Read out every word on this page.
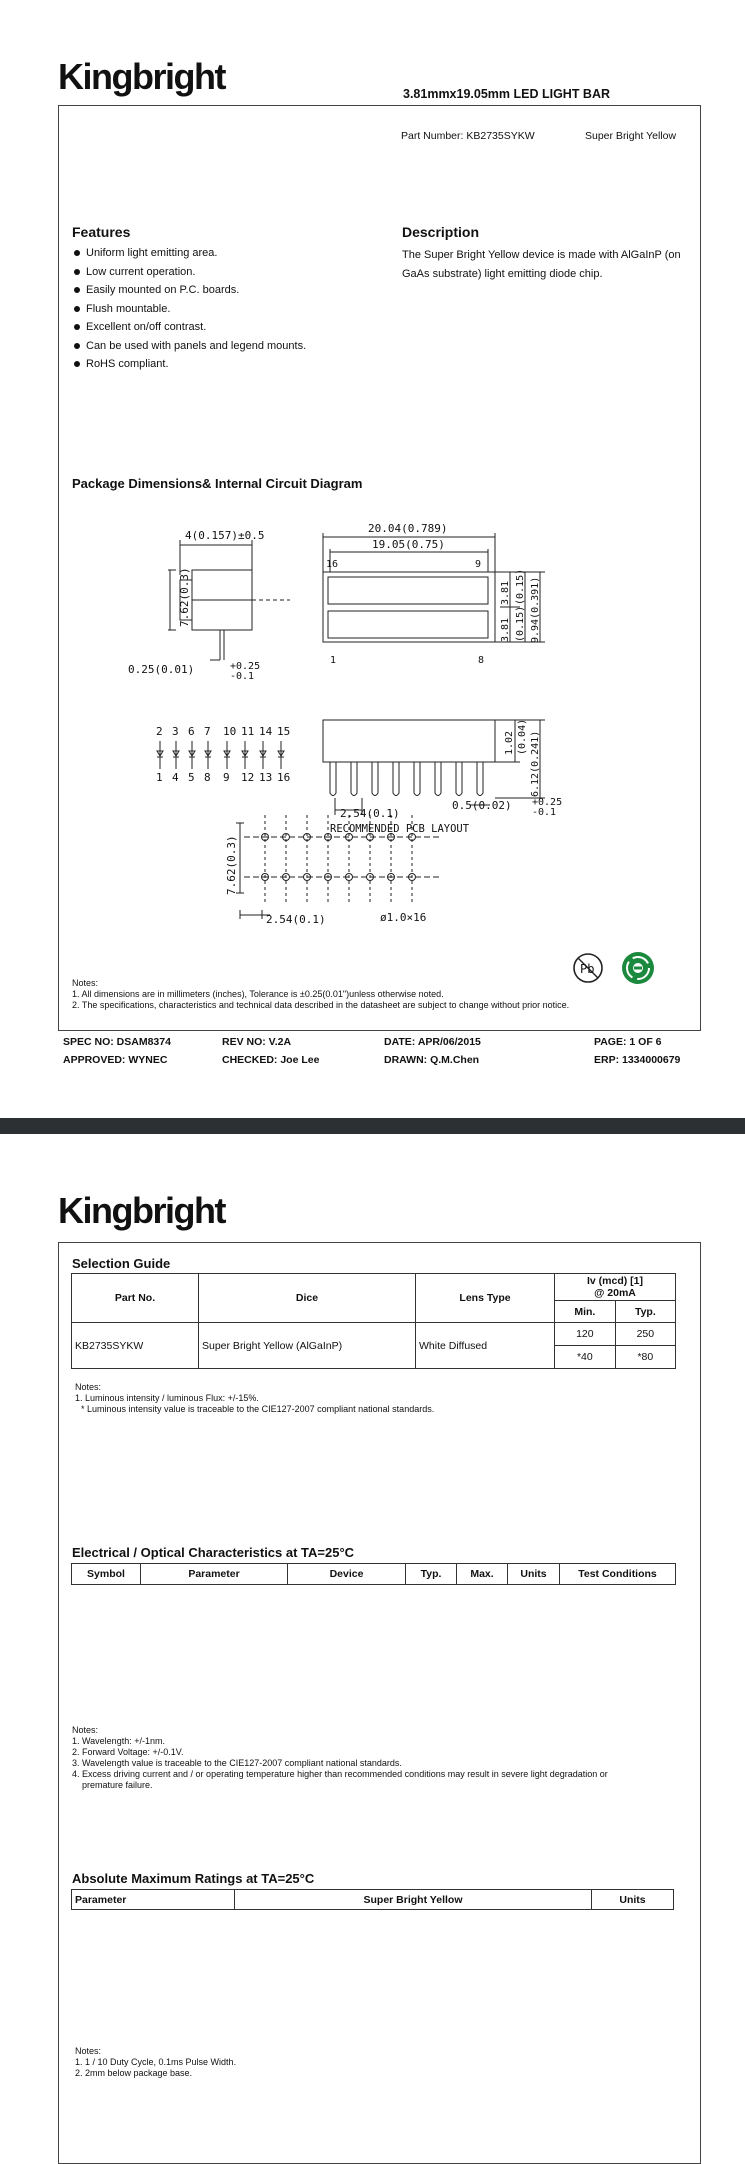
Kingbright	3.81mmx19.05mm LED LIGHT BAR
Part Number: KB2735SYKW	Super Bright Yellow
Features
Uniform light emitting area.
Low current operation.
Easily mounted on P.C. boards.
Flush mountable.
Excellent on/off contrast.
Can be used with panels and legend mounts.
RoHS compliant.
Description
The Super Bright Yellow device is made with AlGaInP (on GaAs substrate) light emitting diode chip.
Package Dimensions& Internal Circuit Diagram
4(0.157)±0.5
7.62(0.3)
0.25(0.01)	+0.25
-0.1
20.04(0.789)
19.05(0.75)
16	9
1	8
3.81 (0.15)
3.81 (0.15) 9.94(0.391)
2
1
3
4
6
5
7
8
10
9
11
12
14
13
15
16
2.54(0.1)
0.5(0.02) +0.25
-0.1
1.02 (0.04) 6.12(0.241)
RECOMMENDED PCB LAYOUT
7.62(0.3)
2.54(0.1)	ø1.0×16
Pb
Notes:
1. All dimensions are in millimeters (inches), Tolerance is ±0.25(0.01")unless otherwise noted.
2. The specifications, characteristics and technical data described in the datasheet are subject to change without prior notice.
SPEC NO: DSAM8374	REV NO: V.2A	DATE: APR/06/2015	PAGE: 1 OF 6
APPROVED: WYNEC	CHECKED: Joe Lee	DRAWN: Q.M.Chen	ERP: 1334000679
Kingbright
Selection Guide
Part No.	Dice	Lens Type	Iv (mcd) [1]
@ 20mA	

			Min.	Typ.
KB2735SYKW	Super Bright Yellow (AlGaInP)	White Diffused	120	250
			*40	*80
Notes:
1. Luminous intensity / luminous Flux: +/-15%.
* Luminous intensity value is traceable to the CIE127-2007 compliant national standards.
Electrical / Optical Characteristics at TA=25°C
Symbol	Parameter	Device	Typ.	Max.	Units	Test Conditions
Notes:
1. Wavelength: +/-1nm.
2. Forward Voltage: +/-0.1V.
3. Wavelength value is traceable to the CIE127-2007 compliant national standards.
4. Excess driving current and / or operating temperature higher than recommended conditions may result in severe light degradation or
premature failure.
Absolute Maximum Ratings at TA=25°C
Parameter	Super Bright Yellow	Units
Notes:
1. 1 / 10 Duty Cycle, 0.1ms Pulse Width.
2. 2mm below package base.
